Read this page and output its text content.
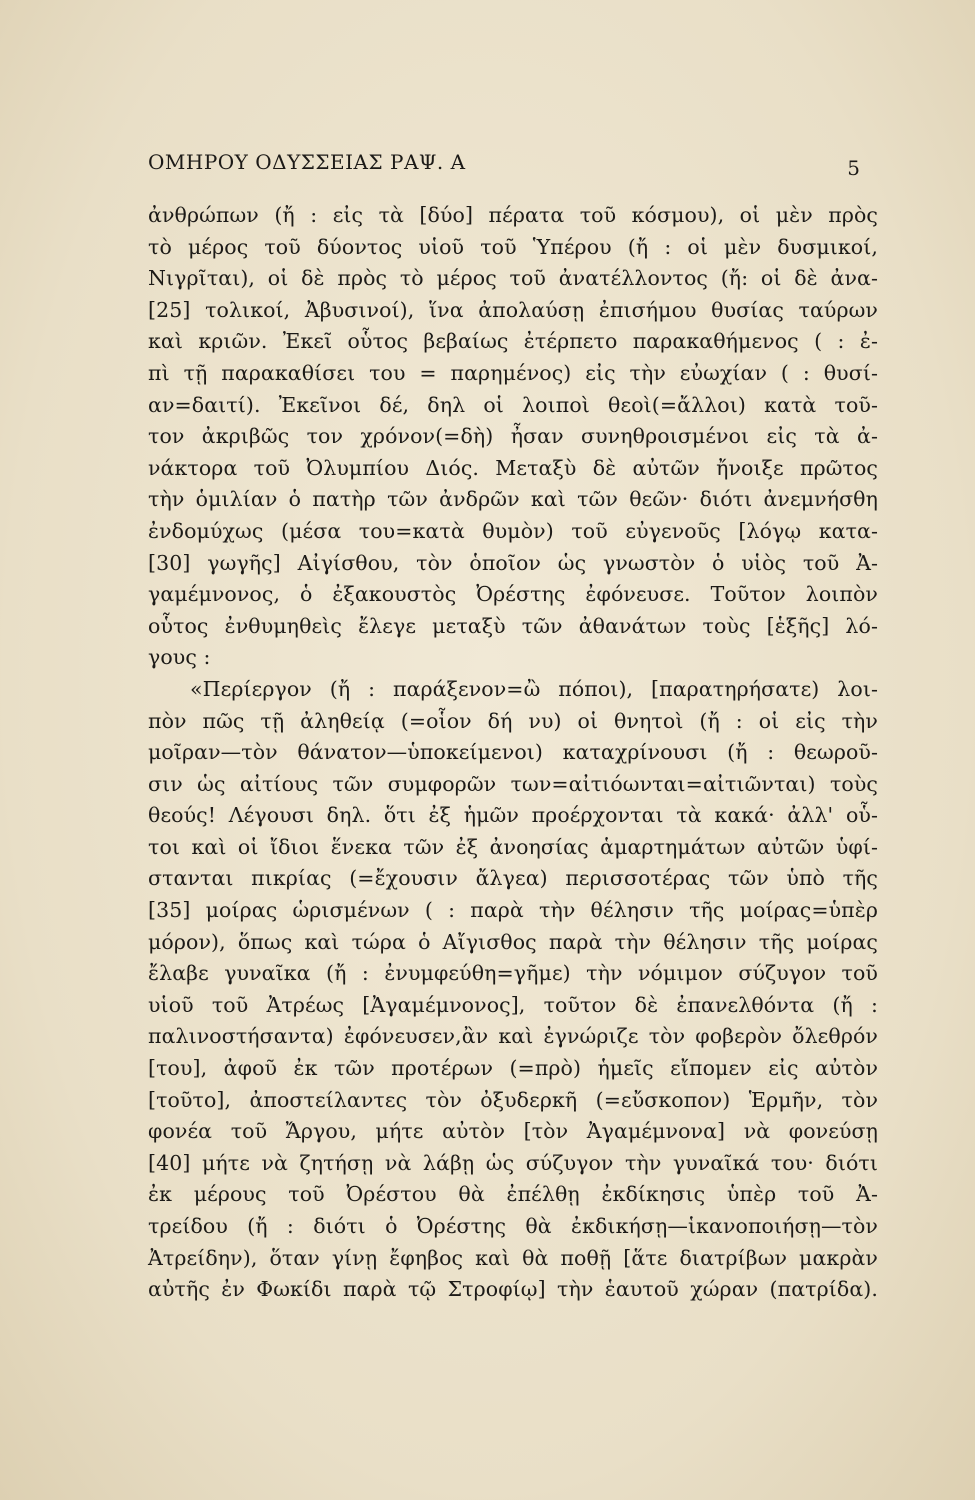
ΟΜΗΡΟΥ ΟΔΥΣΣΕΙΑΣ ΡΑΨ. Α	5
ἀνθρώπων (ἤ : εἰς τὰ [δύο] πέρατα τοῦ κόσμου), οἱ μὲν πρὸς
τὸ μέρος τοῦ δύοντος υἱοῦ τοῦ Ὑπέρου (ἤ : οἱ μὲν δυσμικοί,
Νιγρῖται), οἱ δὲ πρὸς τὸ μέρος τοῦ ἀνατέλλοντος (ἤ: οἱ δὲ ἀνα-
[25] τολικοί, Ἀβυσινοί), ἵνα ἀπολαύσῃ ἐπισήμου θυσίας ταύρων
καὶ κριῶν. Ἐκεῖ οὗτος βεβαίως ἐτέρπετο παρακαθήμενος ( : ἐ-
πὶ τῇ παρακαθίσει του = παρημένος) εἰς τὴν εὐωχίαν ( : θυσί-
αν=δαιτί). Ἐκεῖνοι δέ, δηλ οἱ λοιποὶ θεοὶ(=ἄλλοι) κατὰ τοῦ-
τον ἀκριβῶς τον χρόνον(=δὴ) ἦσαν συνηθροισμένοι εἰς τὰ ἀ-
νάκτορα τοῦ Ὀλυμπίου Διός. Μεταξὺ δὲ αὐτῶν ἤνοιξε πρῶτος
τὴν ὁμιλίαν ὁ πατὴρ τῶν ἀνδρῶν καὶ τῶν θεῶν· διότι ἀνεμνήσθη
ἐνδομύχως (μέσα του=κατὰ θυμὸν) τοῦ εὐγενοῦς [λόγῳ κατα-
[30] γωγῆς] Αἰγίσθου, τὸν ὁποῖον ὡς γνωστὸν ὁ υἱὸς τοῦ Ἀ-
γαμέμνονος, ὁ ἐξακουστὸς Ὀρέστης ἐφόνευσε. Τοῦτον λοιπὸν
οὗτος ἐνθυμηθεὶς ἔλεγε μεταξὺ τῶν ἀθανάτων τοὺς [ἑξῆς] λό-
γους :
«Περίεργον (ἤ : παράξενον=ὢ πόποι), [παρατηρήσατε) λοι-
πὸν πῶς τῇ ἀληθείᾳ (=οἷον δή νυ) οἱ θνητοὶ (ἤ : οἱ εἰς τὴν
μοῖραν—τὸν θάνατον—ὑποκείμενοι) καταχρίνουσι (ἤ : θεωροῦ-
σιν ὡς αἰτίους τῶν συμφορῶν των=αἰτιόωνται=αἰτιῶνται) τοὺς
θεούς! Λέγουσι δηλ. ὅτι ἐξ ἡμῶν προέρχονται τὰ κακά· ἀλλ' οὗ-
τοι καὶ οἱ ἴδιοι ἕνεκα τῶν ἐξ ἀνοησίας ἁμαρτημάτων αὐτῶν ὑφί-
στανται πικρίας (=ἔχουσιν ἄλγεα) περισσοτέρας τῶν ὑπὸ τῆς
[35] μοίρας ὡρισμένων ( : παρὰ τὴν θέλησιν τῆς μοίρας=ὑπὲρ
μόρον), ὅπως καὶ τώρα ὁ Αἴγισθος παρὰ τὴν θέλησιν τῆς μοίρας
ἔλαβε γυναῖκα (ἤ : ἐνυμφεύθη=γῆμε) τὴν νόμιμον σύζυγον τοῦ
υἱοῦ τοῦ Ἀτρέως [Ἀγαμέμνονος], τοῦτον δὲ ἐπανελθόντα (ἤ :
παλινοστήσαντα) ἐφόνευσεν,ἂν καὶ ἐγνώριζε τὸν φοβερὸν ὄλεθρόν
[του], ἀφοῦ ἐκ τῶν προτέρων (=πρὸ) ἡμεῖς εἴπομεν εἰς αὐτὸν
[τοῦτο], ἀποστείλαντες τὸν ὀξυδερκῆ (=εὔσκοπον) Ἑρμῆν, τὸν
φονέα τοῦ Ἄργου, μήτε αὐτὸν [τὸν Ἀγαμέμνονα] νὰ φονεύσῃ
[40] μήτε νὰ ζητήσῃ νὰ λάβῃ ὡς σύζυγον τὴν γυναῖκά του· διότι
ἐκ μέρους τοῦ Ὀρέστου θὰ ἐπέλθῃ ἐκδίκησις ὑπὲρ τοῦ Ἀ-
τρείδου (ἤ : διότι ὁ Ὀρέστης θὰ ἐκδικήσῃ—ἱκανοποιήσῃ—τὸν
Ἀτρείδην), ὅταν γίνῃ ἔφηβος καὶ θὰ ποθῇ [ἅτε διατρίβων μακρὰν
αὐτῆς ἐν Φωκίδι παρὰ τῷ Στροφίῳ] τὴν ἑαυτοῦ χώραν (πατρίδα).
